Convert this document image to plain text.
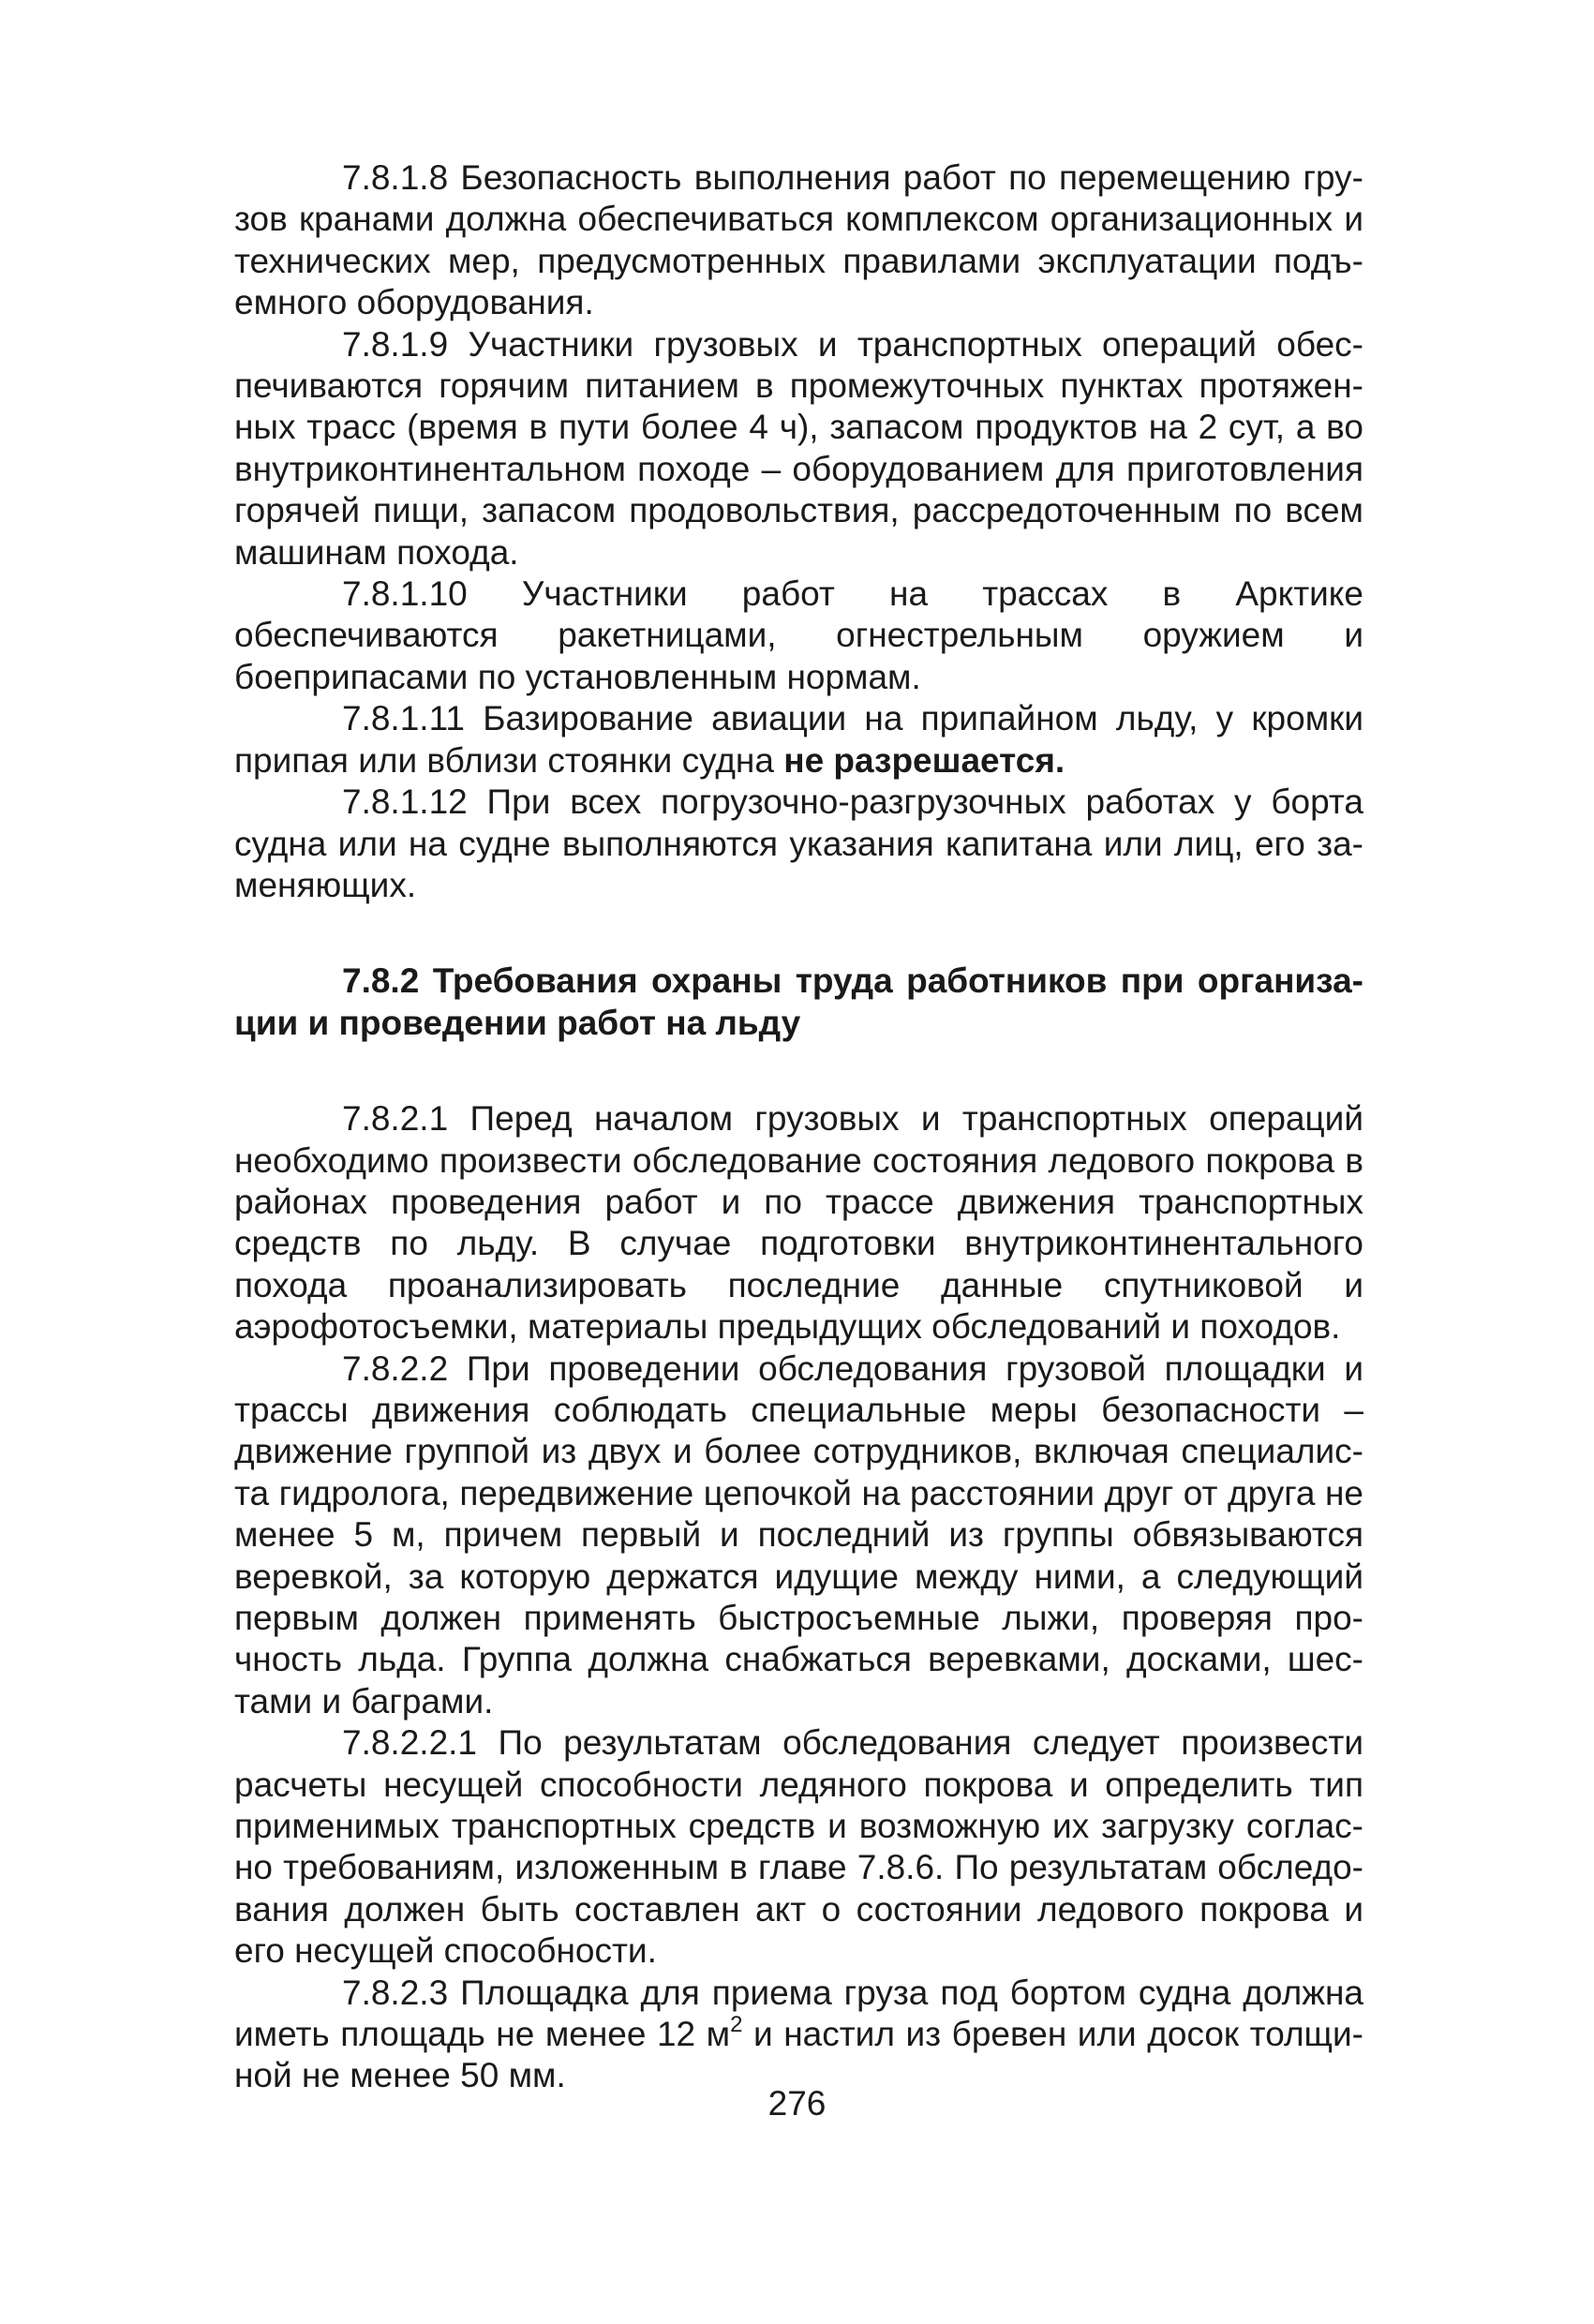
7.8.1.8 Безопасность выполнения работ по перемещению грузов кранами должна обеспечиваться комплексом организационных и технических мер, предусмотренных правилами эксплуатации подъемного оборудования.

7.8.1.9 Участники грузовых и транспортных операций обеспечиваются горячим питанием в промежуточных пунктах протяженных трасс (время в пути более 4 ч), запасом продуктов на 2 сут, а во внутриконтинентальном походе – оборудованием для приготовления горячей пищи, запасом продовольствия, рассредоточенным по всем машинам похода.

7.8.1.10 Участники работ на трассах в Арктике обеспечиваются ракетницами, огнестрельным оружием и боеприпасами по установленным нормам.

7.8.1.11 Базирование авиации на припайном льду, у кромки припая или вблизи стоянки судна не разрешается.

7.8.1.12 При всех погрузочно-разгрузочных работах у борта судна или на судне выполняются указания капитана или лиц, его заменяющих.

7.8.2 Требования охраны труда работников при организации и проведении работ на льду

7.8.2.1 Перед началом грузовых и транспортных операций необходимо произвести обследование состояния ледового покрова в районах проведения работ и по трассе движения транспортных средств по льду. В случае подготовки внутриконтинентального похода проанализировать последние данные спутниковой и аэрофотосъемки, материалы предыдущих обследований и походов.

7.8.2.2 При проведении обследования грузовой площадки и трассы движения соблюдать специальные меры безопасности – движение группой из двух и более сотрудников, включая специалиста гидролога, передвижение цепочкой на расстоянии друг от друга не менее 5 м, причем первый и последний из группы обвязываются веревкой, за которую держатся идущие между ними, а следующий первым должен применять быстросъемные лыжи, проверяя прочность льда. Группа должна снабжаться веревками, досками, шестами и баграми.

7.8.2.2.1 По результатам обследования следует произвести расчеты несущей способности ледяного покрова и определить тип применимых транспортных средств и возможную их загрузку согласно требованиям, изложенным в главе 7.8.6. По результатам обследования должен быть составлен акт о состоянии ледового покрова и его несущей способности.

7.8.2.3 Площадка для приема груза под бортом судна должна иметь площадь не менее 12 $м^2$ и настил из бревен или досок толщиной не менее 50 мм.

276
